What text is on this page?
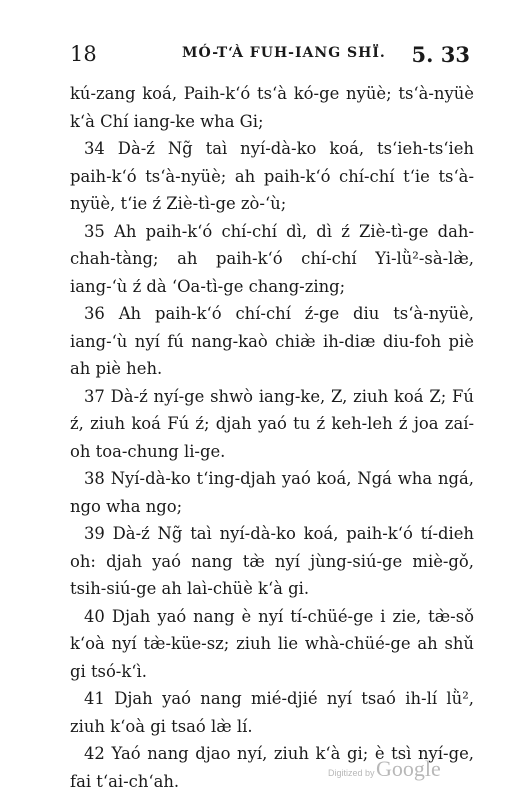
18	MÓ-T‘À FUH-IANG SHÏ. 5. 33

kú-zang koá, Paih-k‘ó ts‘à kó-ge nyüè; ts‘à-nyüè k‘à Chí iang-ke wha Gi;

34 Dà-ź Ng̃ taì nyí-dà-ko koá, ts‘ieh-ts‘ieh paih-k‘ó ts‘à-nyüè; ah paih-k‘ó chí-chí t‘ie ts‘à-nyüè, t‘ie ź Ziè-tì-ge zò-‘ù;

35 Ah paih-k‘ó chí-chí dì, dì ź Ziè-tì-ge dah-chah-tàng; ah paih-k‘ó chí-chí Yi-lǜ²-sà-læ̀, iang-‘ù ź dà ‘Oa-tì-ge chang-zing;

36 Ah paih-k‘ó chí-chí ź-ge diu ts‘à-nyüè, iang-‘ù nyí fú nang-kaò chiæ̀ ih-diæ diu-foh piè ah piè heh.

37 Dà-ź nyí-ge shwò iang-ke, Z, ziuh koá Z; Fú ź, ziuh koá Fú ź; djah yaó tu ź keh-leh ź joa zaí-oh toa-chung li-ge.

38 Nyí-dà-ko t‘ing-djah yaó koá, Ngá wha ngá, ngo wha ngo;

39 Dà-ź Ng̃ taì nyí-dà-ko koá, paih-k‘ó tí-dieh oh: djah yaó nang tæ̀ nyí jùng-siú-ge miè-gǒ, tsih-siú-ge ah laì-chüè k‘à gi.

40 Djah yaó nang è nyí tí-chüé-ge i zie, tæ̀-sǒ k‘oà nyí tæ̀-küe-sz; ziuh lie whà-chüé-ge ah shǔ gi tsó-k‘ì.

41 Djah yaó nang mié-djié nyí tsaó ih-lí lǜ², ziuh k‘oà gi tsaó læ̀ lí.

42 Yaó nang djao nyí, ziuh k‘à gi; è tsì nyí-ge, fai t‘ai-ch‘ah.	Digitized by Google
